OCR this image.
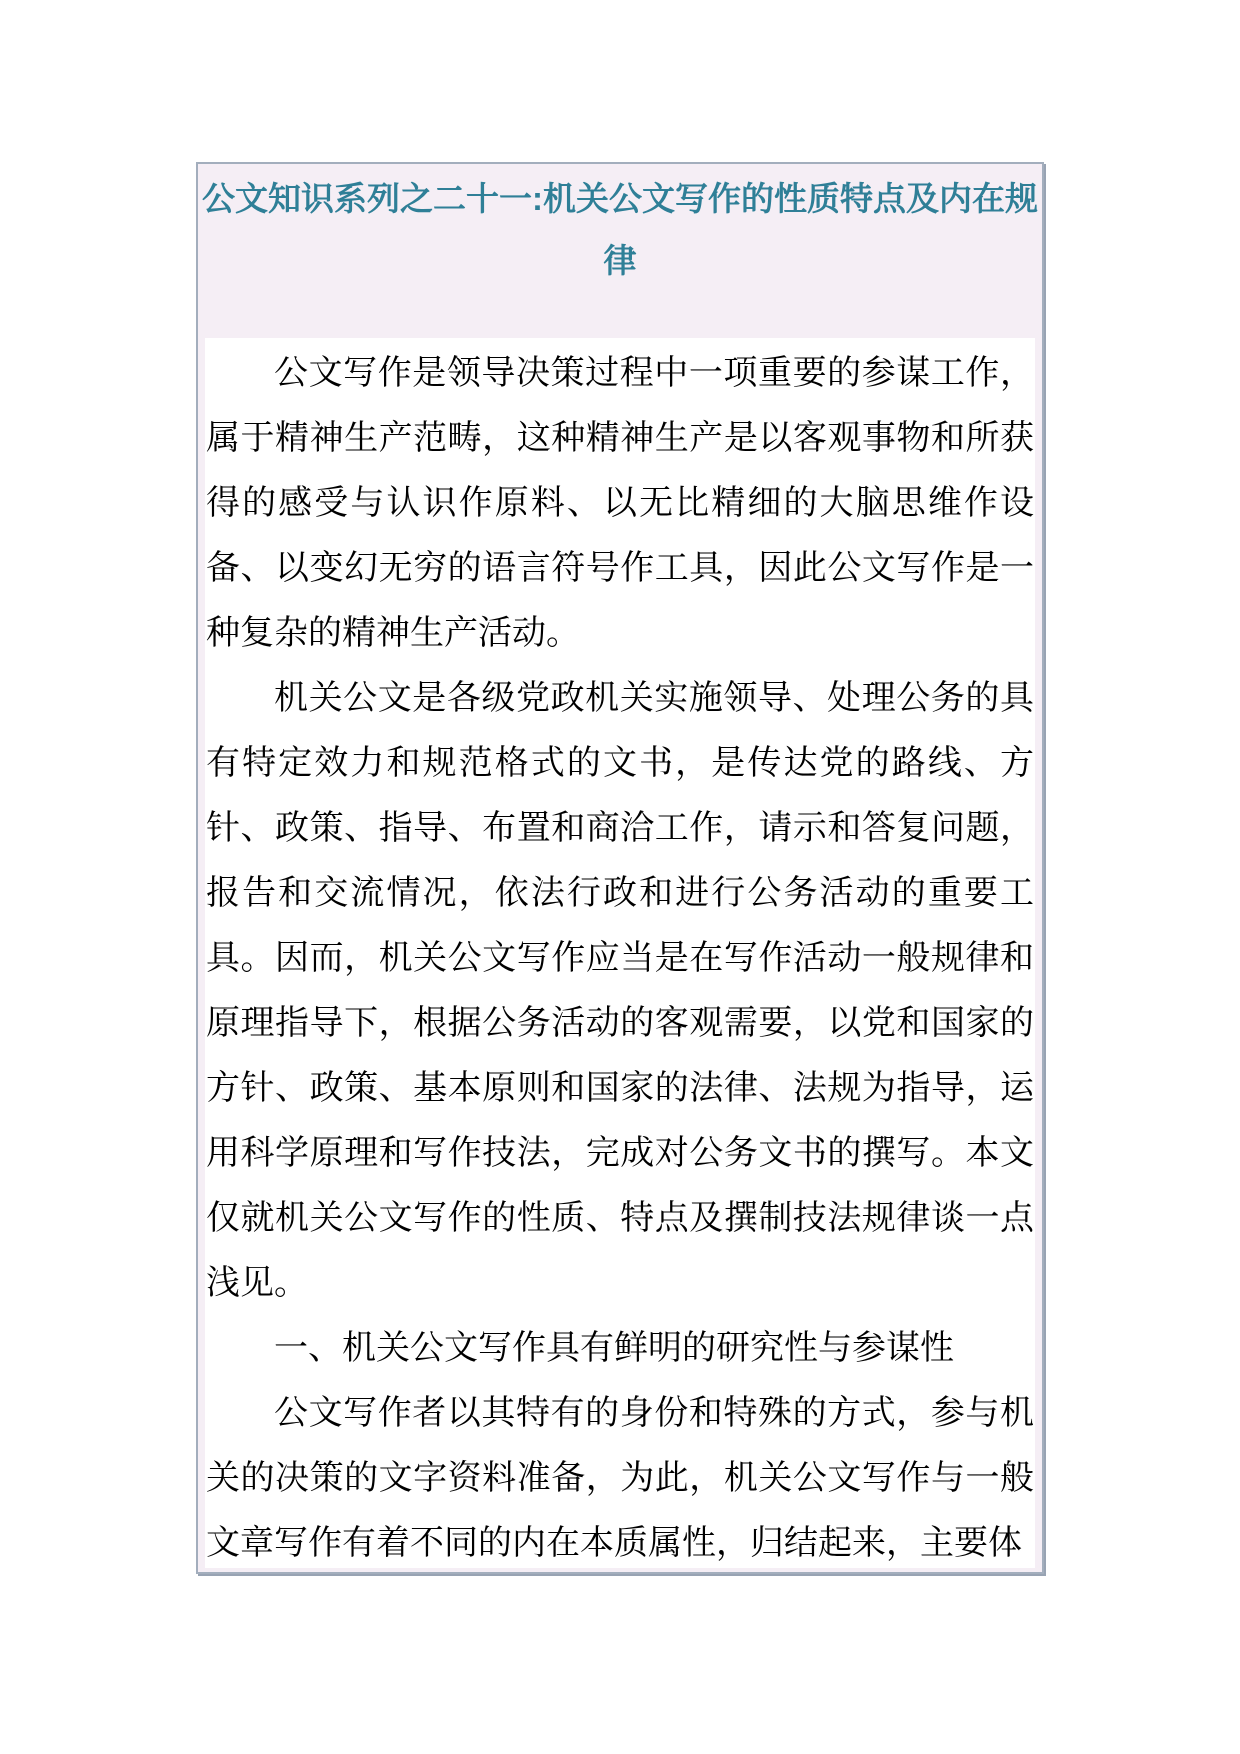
公文知识系列之二十一:机关公文写作的性质特点及内在规律

公文写作是领导决策过程中一项重要的参谋工作，属于精神生产范畴，这种精神生产是以客观事物和所获得的感受与认识作原料、以无比精细的大脑思维作设备、以变幻无穷的语言符号作工具，因此公文写作是一种复杂的精神生产活动。

机关公文是各级党政机关实施领导、处理公务的具有特定效力和规范格式的文书，是传达党的路线、方针、政策、指导、布置和商洽工作，请示和答复问题，报告和交流情况，依法行政和进行公务活动的重要工具。因而，机关公文写作应当是在写作活动一般规律和原理指导下，根据公务活动的客观需要，以党和国家的方针、政策、基本原则和国家的法律、法规为指导，运用科学原理和写作技法，完成对公务文书的撰写。本文仅就机关公文写作的性质、特点及撰制技法规律谈一点浅见。

一、机关公文写作具有鲜明的研究性与参谋性

公文写作者以其特有的身份和特殊的方式，参与机关的决策的文字资料准备，为此，机关公文写作与一般文章写作有着不同的内在本质属性，归结起来，主要体
